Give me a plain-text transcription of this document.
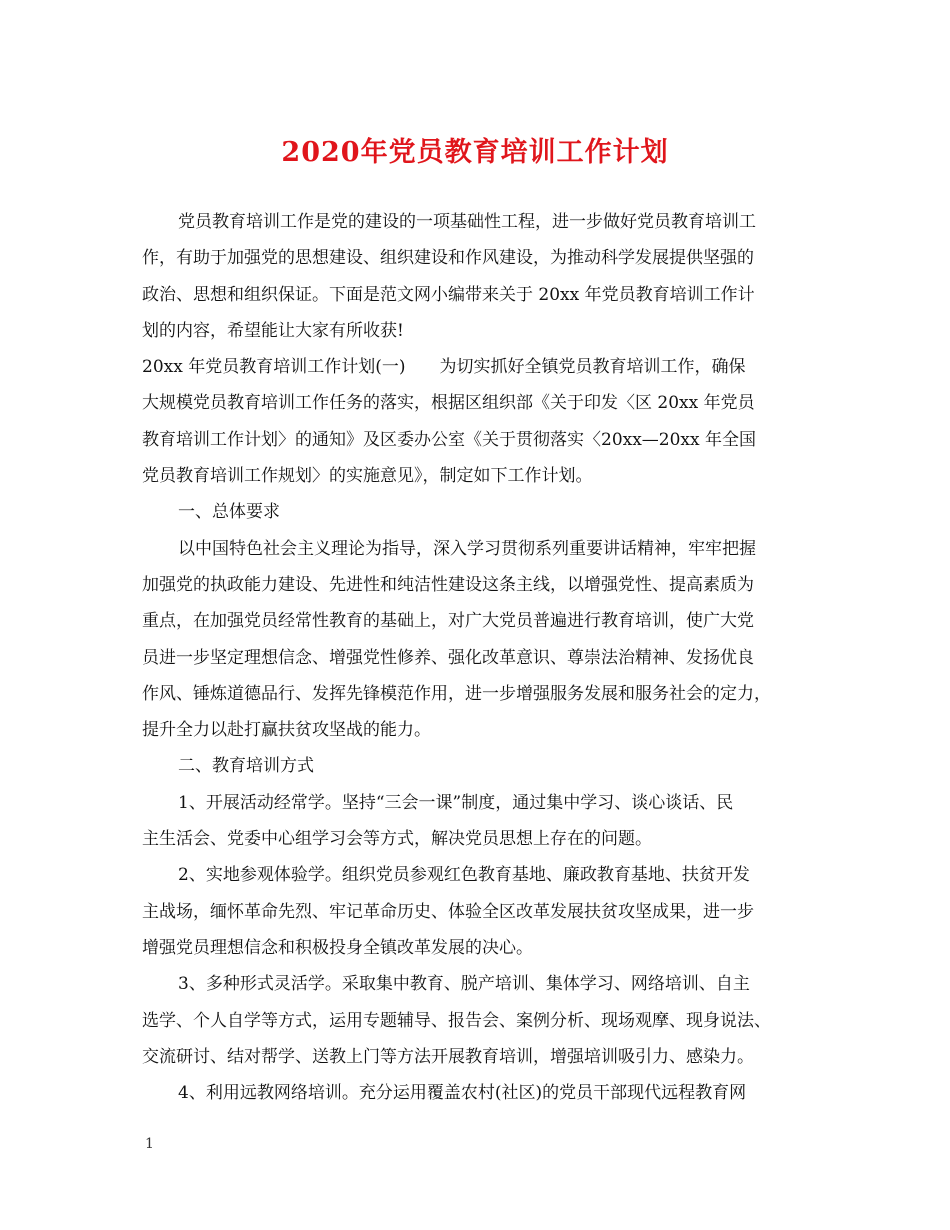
2020年党员教育培训工作计划
党员教育培训工作是党的建设的一项基础性工程，进一步做好党员教育培训工
作，有助于加强党的思想建设、组织建设和作风建设，为推动科学发展提供坚强的
政治、思想和组织保证。下面是范文网小编带来关于 20xx 年党员教育培训工作计
划的内容，希望能让大家有所收获!
20xx 年党员教育培训工作计划(一) 为切实抓好全镇党员教育培训工作，确保
大规模党员教育培训工作任务的落实，根据区组织部《关于印发〈区 20xx 年党员
教育培训工作计划〉的通知》及区委办公室《关于贯彻落实〈20xx—20xx 年全国
党员教育培训工作规划〉的实施意见》，制定如下工作计划。
一、总体要求
以中国特色社会主义理论为指导，深入学习贯彻系列重要讲话精神，牢牢把握
加强党的执政能力建设、先进性和纯洁性建设这条主线，以增强党性、提高素质为
重点，在加强党员经常性教育的基础上，对广大党员普遍进行教育培训，使广大党
员进一步坚定理想信念、增强党性修养、强化改革意识、尊崇法治精神、发扬优良
作风、锤炼道德品行、发挥先锋模范作用，进一步增强服务发展和服务社会的定力，
提升全力以赴打赢扶贫攻坚战的能力。
二、教育培训方式
1、开展活动经常学。坚持“三会一课”制度，通过集中学习、谈心谈话、民
主生活会、党委中心组学习会等方式，解决党员思想上存在的问题。
2、实地参观体验学。组织党员参观红色教育基地、廉政教育基地、扶贫开发
主战场，缅怀革命先烈、牢记革命历史、体验全区改革发展扶贫攻坚成果，进一步
增强党员理想信念和积极投身全镇改革发展的决心。
3、多种形式灵活学。采取集中教育、脱产培训、集体学习、网络培训、自主
选学、个人自学等方式，运用专题辅导、报告会、案例分析、现场观摩、现身说法、
交流研讨、结对帮学、送教上门等方法开展教育培训，增强培训吸引力、感染力。
4、利用远教网络培训。充分运用覆盖农村(社区)的党员干部现代远程教育网
1
